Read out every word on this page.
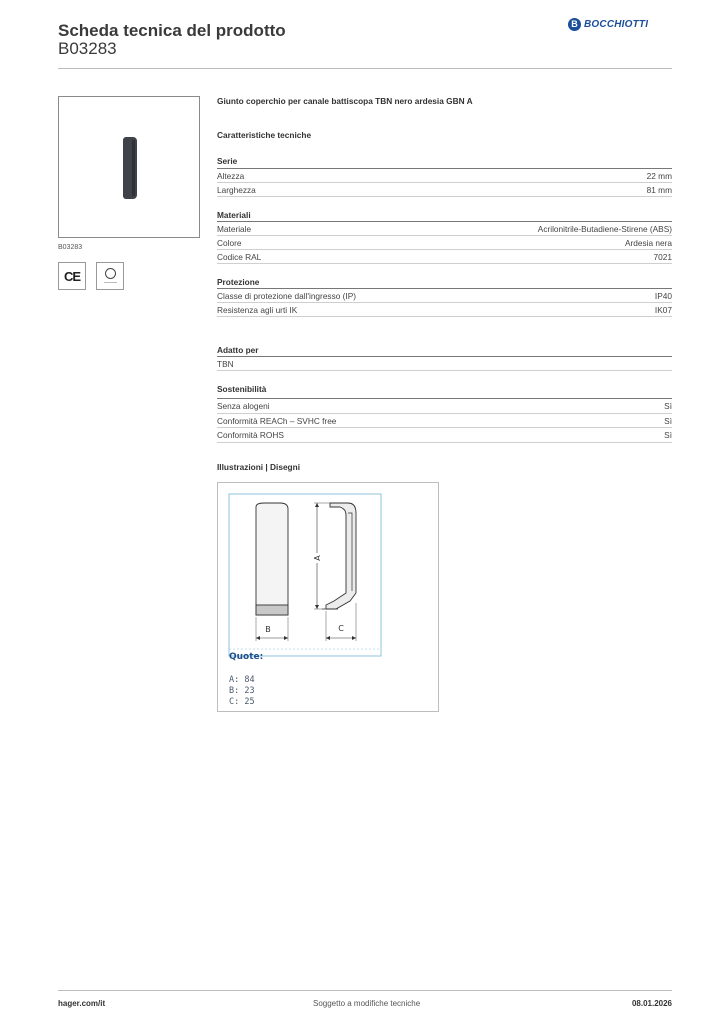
Scheda tecnica del prodotto
B03283
B BOCCHIOTTI
B03283
CE
Giunto coperchio per canale battiscopa TBN nero ardesia GBN A
Caratteristiche tecniche
Serie
Altezza	22 mm
Larghezza	81 mm
Materiali
Materiale	Acrilonitrile-Butadiene-Stirene (ABS)
Colore	Ardesia nera
Codice RAL	7021
Protezione
Classe di protezione dall'ingresso (IP)	IP40
Resistenza agli urti IK	IK07
Adatto per
TBN
Sostenibilità
Senza alogeni	Sì
Conformità REACh – SVHC free	Sì
Conformità ROHS	Sì
Illustrazioni | Disegni
B
A
C
Quote:
A: 84
B: 23
C: 25
hager.com/it	Soggetto a modifiche tecniche	08.01.2026
